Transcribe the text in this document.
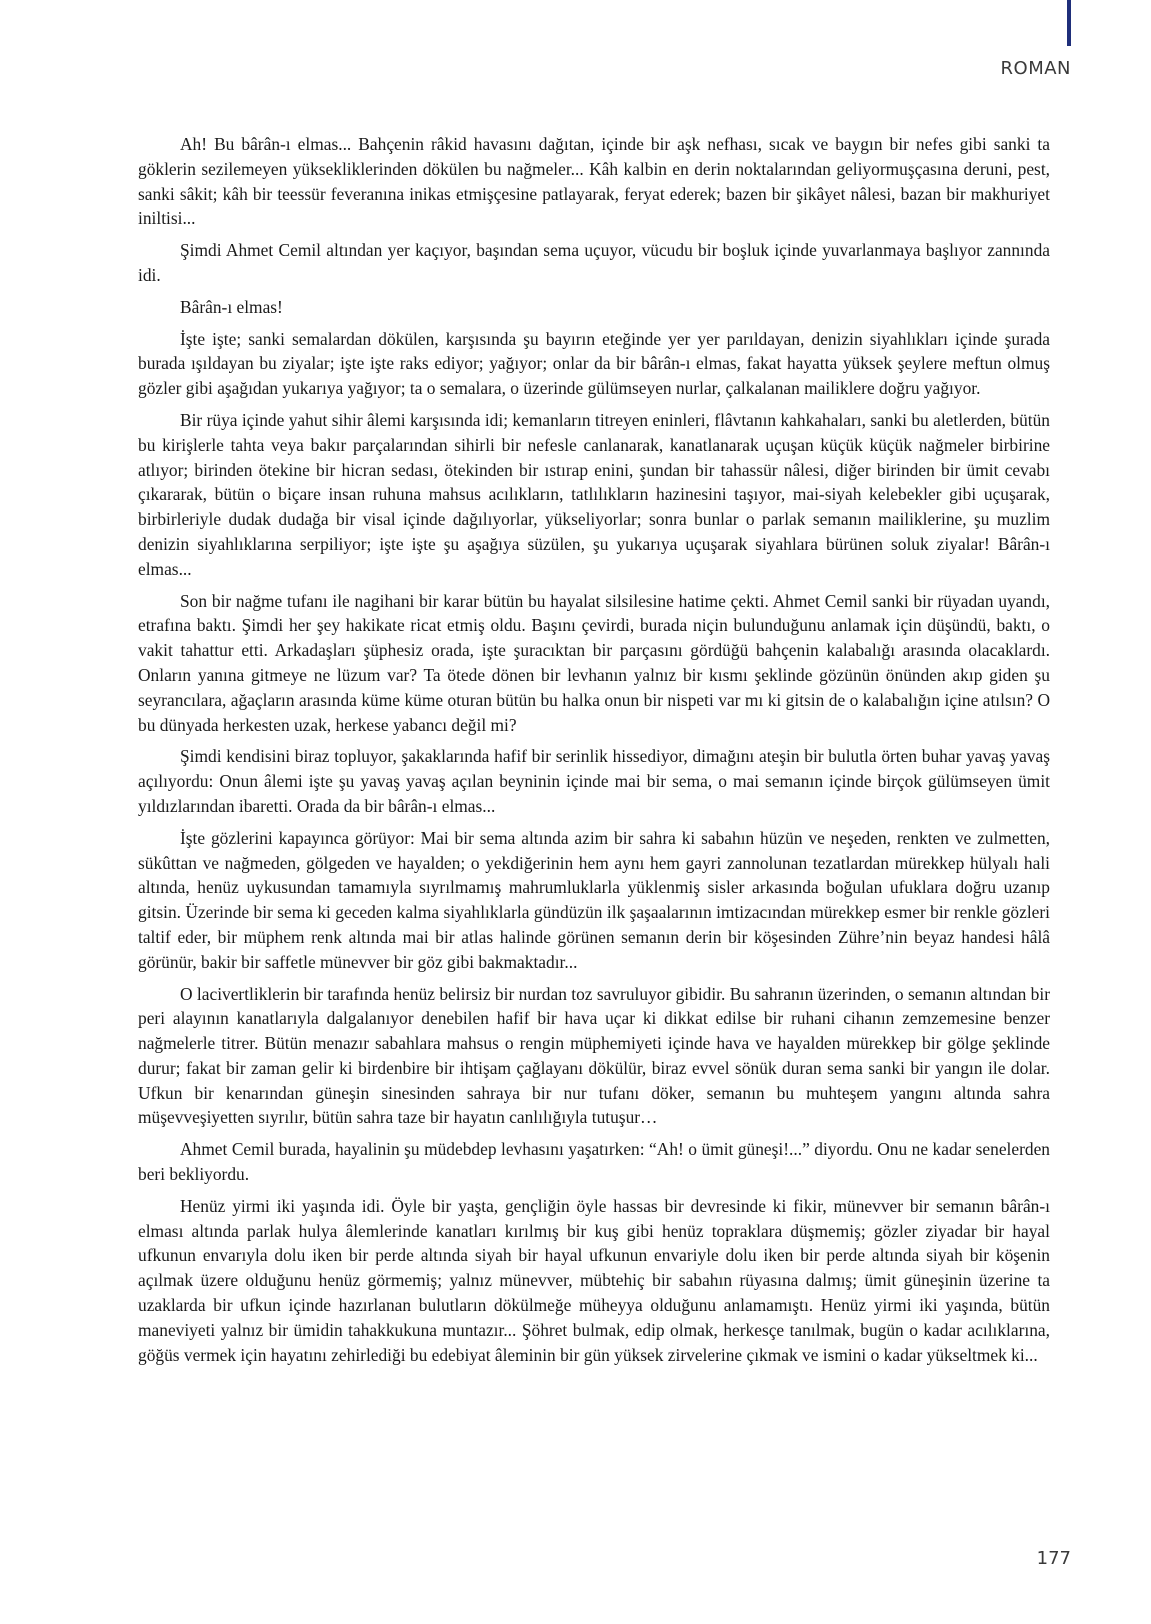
ROMAN

Ah! Bu bârân-ı elmas... Bahçenin râkid havasını dağıtan, içinde bir aşk nefhası, sıcak ve baygın bir nefes gibi sanki ta göklerin sezilemeyen yüksekliklerinden dökülen bu nağmeler... Kâh kalbin en derin noktalarından geliyormuşçasına deruni, pest, sanki sâkit; kâh bir teessür feveranına inikas etmişçesine patlayarak, feryat ederek; bazen bir şikâyet nâlesi, bazan bir makhuriyet iniltisi...

Şimdi Ahmet Cemil altından yer kaçıyor, başından sema uçuyor, vücudu bir boşluk içinde yuvarlanmaya başlıyor zannında idi.

Bârân-ı elmas!

İşte işte; sanki semalardan dökülen, karşısında şu bayırın eteğinde yer yer parıldayan, denizin siyahlıkları içinde şurada burada ışıldayan bu ziyalar; işte işte raks ediyor; yağıyor; onlar da bir bârân-ı elmas, fakat hayatta yüksek şeylere meftun olmuş gözler gibi aşağıdan yukarıya yağıyor; ta o semalara, o üzerinde gülümseyen nurlar, çalkalanan mailiklere doğru yağıyor.

Bir rüya içinde yahut sihir âlemi karşısında idi; kemanların titreyen eninleri, flâvtanın kahkahaları, sanki bu aletlerden, bütün bu kirişlerle tahta veya bakır parçalarından sihirli bir nefesle canlanarak, kanatlanarak uçuşan küçük küçük nağmeler birbirine atlıyor; birinden ötekine bir hicran sedası, ötekinden bir ıstırap enini, şundan bir tahassür nâlesi, diğer birinden bir ümit cevabı çıkararak, bütün o biçare insan ruhuna mahsus acılıkların, tatlılıkların hazinesini taşıyor, mai-siyah kelebekler gibi uçuşarak, birbirleriyle dudak dudağa bir visal içinde dağılıyorlar, yükseliyorlar; sonra bunlar o parlak semanın mailiklerine, şu muzlim denizin siyahlıklarına serpiliyor; işte işte şu aşağıya süzülen, şu yukarıya uçuşarak siyahlara bürünen soluk ziyalar! Bârân-ı elmas...

Son bir nağme tufanı ile nagihani bir karar bütün bu hayalat silsilesine hatime çekti. Ahmet Cemil sanki bir rüyadan uyandı, etrafına baktı. Şimdi her şey hakikate ricat etmiş oldu. Başını çevirdi, burada niçin bulunduğunu anlamak için düşündü, baktı, o vakit tahattur etti. Arkadaşları şüphesiz orada, işte şuracıktan bir parçasını gördüğü bahçenin kalabalığı arasında olacaklardı. Onların yanına gitmeye ne lüzum var? Ta ötede dönen bir levhanın yalnız bir kısmı şeklinde gözünün önünden akıp giden şu seyrancılara, ağaçların arasında küme küme oturan bütün bu halka onun bir nispeti var mı ki gitsin de o kalabalığın içine atılsın? O bu dünyada herkesten uzak, herkese yabancı değil mi?

Şimdi kendisini biraz topluyor, şakaklarında hafif bir serinlik hissediyor, dimağını ateşin bir bulutla örten buhar yavaş yavaş açılıyordu: Onun âlemi işte şu yavaş yavaş açılan beyninin içinde mai bir sema, o mai semanın içinde birçok gülümseyen ümit yıldızlarından ibaretti. Orada da bir bârân-ı elmas...

İşte gözlerini kapayınca görüyor: Mai bir sema altında azim bir sahra ki sabahın hüzün ve neşeden, renkten ve zulmetten, sükûttan ve nağmeden, gölgeden ve hayalden; o yekdiğerinin hem aynı hem gayri zannolunan tezatlardan mürekkep hülyalı hali altında, henüz uykusundan tamamıyla sıyrılmamış mahrumluklarla yüklenmiş sisler arkasında boğulan ufuklara doğru uzanıp gitsin. Üzerinde bir sema ki geceden kalma siyahlıklarla gündüzün ilk şaşaalarının imtizacından mürekkep esmer bir renkle gözleri taltif eder, bir müphem renk altında mai bir atlas halinde görünen semanın derin bir köşesinden Zühre’nin beyaz handesi hâlâ görünür, bakir bir saffetle münevver bir göz gibi bakmaktadır...

O lacivertliklerin bir tarafında henüz belirsiz bir nurdan toz savruluyor gibidir. Bu sahranın üzerinden, o semanın altından bir peri alayının kanatlarıyla dalgalanıyor denebilen hafif bir hava uçar ki dikkat edilse bir ruhani cihanın zemzemesine benzer nağmelerle titrer. Bütün menazır sabahlara mahsus o rengin müphemiyeti içinde hava ve hayalden mürekkep bir gölge şeklinde durur; fakat bir zaman gelir ki birdenbire bir ihtişam çağlayanı dökülür, biraz evvel sönük duran sema sanki bir yangın ile dolar. Ufkun bir kenarından güneşin sinesinden sahraya bir nur tufanı döker, semanın bu muhteşem yangını altında sahra müşevveşiyetten sıyrılır, bütün sahra taze bir hayatın canlılığıyla tutuşur…

Ahmet Cemil burada, hayalinin şu müdebdep levhasını yaşatırken: “Ah! o ümit güneşi!...” diyordu. Onu ne kadar senelerden beri bekliyordu.

Henüz yirmi iki yaşında idi. Öyle bir yaşta, gençliğin öyle hassas bir devresinde ki fikir, münevver bir semanın bârân-ı elması altında parlak hulya âlemlerinde kanatları kırılmış bir kuş gibi henüz topraklara düşmemiş; gözler ziyadar bir hayal ufkunun envarıyla dolu iken bir perde altında siyah bir hayal ufkunun envariyle dolu iken bir perde altında siyah bir köşenin açılmak üzere olduğunu henüz görmemiş; yalnız münevver, mübtehiç bir sabahın rüyasına dalmış; ümit güneşinin üzerine ta uzaklarda bir ufkun içinde hazırlanan bulutların dökülmeğe müheyya olduğunu anlamamıştı. Henüz yirmi iki yaşında, bütün maneviyeti yalnız bir ümidin tahakkukuna muntazır... Şöhret bulmak, edip olmak, herkesçe tanılmak, bugün o kadar acılıklarına, göğüs vermek için hayatını zehirlediği bu edebiyat âleminin bir gün yüksek zirvelerine çıkmak ve ismini o kadar yükseltmek ki...

177
